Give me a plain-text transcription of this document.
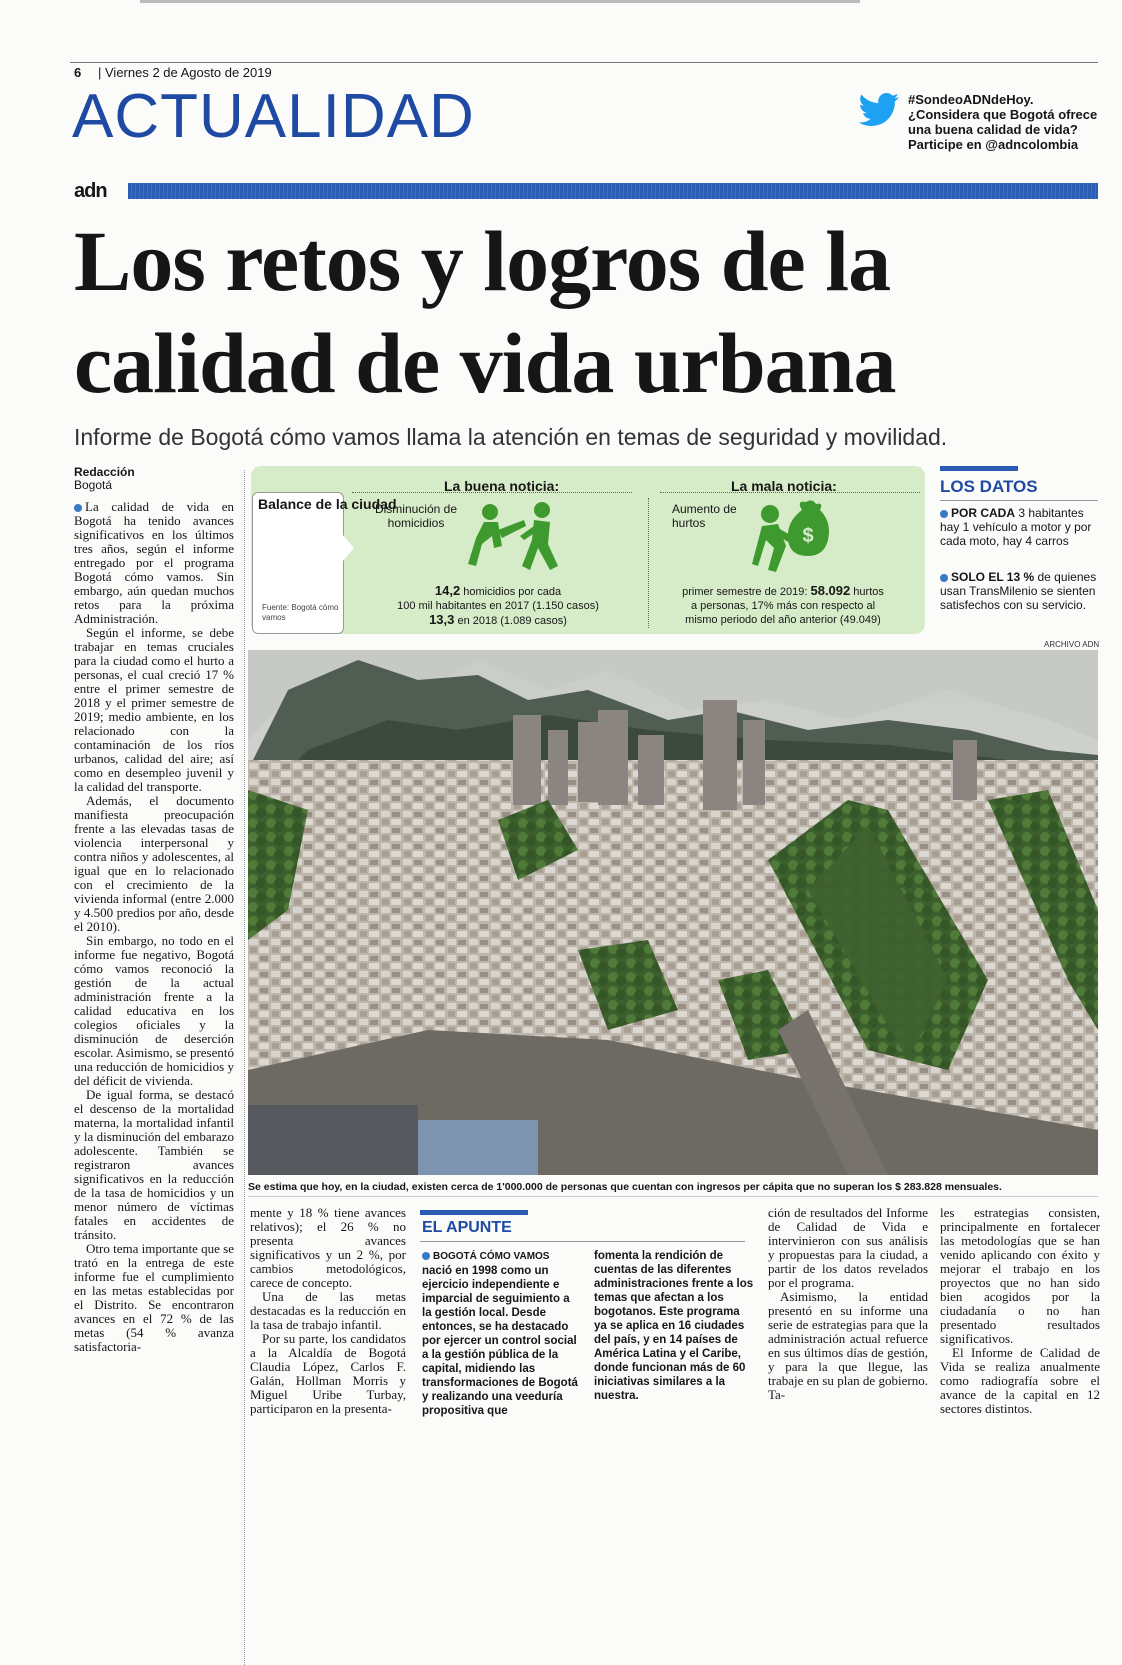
6 | Viernes 2 de Agosto de 2019
ACTUALIDAD	#SondeoADNdeHoy.
¿Considera que Bogotá ofrece una buena calidad de vida?
Participe en @adncolombia
adn
Los retos y logros de la calidad de vida urbana
Informe de Bogotá cómo vamos llama la atención en temas de seguridad y movilidad.
Redacción
Bogotá

La calidad de vida en Bogotá ha tenido avances significativos en los últimos tres años, según el informe entregado por el programa Bogotá cómo vamos. Sin embargo, aún quedan muchos retos para la próxima Administración.

Según el informe, se debe trabajar en temas cruciales para la ciudad como el hurto a personas, el cual creció 17 % entre el primer semestre de 2018 y el primer semestre de 2019; medio ambiente, en los relacionado con la contaminación de los ríos urbanos, calidad del aire; así como en desempleo juvenil y la calidad del transporte.

Además, el documento manifiesta preocupación frente a las elevadas tasas de violencia interpersonal y contra niños y adolescentes, al igual que en lo relacionado con el crecimiento de la vivienda informal (entre 2.000 y 4.500 predios por año, desde el 2010).

Sin embargo, no todo en el informe fue negativo, Bogotá cómo vamos reconoció la gestión de la actual administración frente a la calidad educativa en los colegios oficiales y la disminución de deserción escolar. Asimismo, se presentó una reducción de homicidios y del déficit de vivienda.

De igual forma, se destacó el descenso de la mortalidad materna, la mortalidad infantil y la disminución del embarazo adolescente. También se registraron avances significativos en la reducción de la tasa de homicidios y un menor número de víctimas fatales en accidentes de tránsito.

Otro tema importante que se trató en la entrega de este informe fue el cumplimiento en las metas establecidas por el Distrito. Se encontraron avances en el 72 % de las metas (54 % avanza satisfactoria-

Balance de la ciudad
Fuente: Bogotá cómo vamos
La buena noticia:	La mala noticia:
Disminución de homicidios
Aumento de hurtos
$
14,2 homicidios por cada
100 mil habitantes en 2017 (1.150 casos)
13,3 en 2018 (1.089 casos)
primer semestre de 2019: 58.092 hurtos
a personas, 17% más con respecto al
mismo periodo del año anterior (49.049)
LOS DATOS
POR CADA 3 habitantes hay 1 vehículo a motor y por cada moto, hay 4 carros
SOLO EL 13 % de quienes usan TransMilenio se sienten satisfechos con su servicio.
ARCHIVO ADN
Se estima que hoy, en la ciudad, existen cerca de 1'000.000 de personas que cuentan con ingresos per cápita que no superan los $ 283.828 mensuales.

mente y 18 % tiene avances relativos); el 26 % no presenta avances significativos y un 2 %, por cambios metodológicos, carece de concepto.

Una de las metas destacadas es la reducción en la tasa de trabajo infantil.

Por su parte, los candidatos a la Alcaldía de Bogotá Claudia López, Carlos F. Galán, Hollman Morris y Miguel Uribe Turbay, participaron en la presenta-

EL APUNTE
BOGOTÁ CÓMO VAMOS nació en 1998 como un ejercicio independiente e imparcial de seguimiento a la gestión local. Desde entonces, se ha destacado por ejercer un control social a la gestión pública de la capital, midiendo las transformaciones de Bogotá y realizando una veeduría propositiva que
fomenta la rendición de cuentas de las diferentes administraciones frente a los temas que afectan a los bogotanos. Este programa ya se aplica en 16 ciudades del país, y en 14 países de América Latina y el Caribe, donde funcionan más de 60 iniciativas similares a la nuestra.

ción de resultados del Informe de Calidad de Vida e intervinieron con sus análisis y propuestas para la ciudad, a partir de los datos revelados por el programa.

Asimismo, la entidad presentó en su informe una serie de estrategias para que la administración actual refuerce en sus últimos días de gestión, y para la que llegue, las trabaje en su plan de gobierno. Ta-

les estrategias consisten, principalmente en fortalecer las metodologías que se han venido aplicando con éxito y mejorar el trabajo en los proyectos que no han sido bien acogidos por la ciudadanía o no han presentado resultados significativos.

El Informe de Calidad de Vida se realiza anualmente como radiografía sobre el avance de la capital en 12 sectores distintos.
